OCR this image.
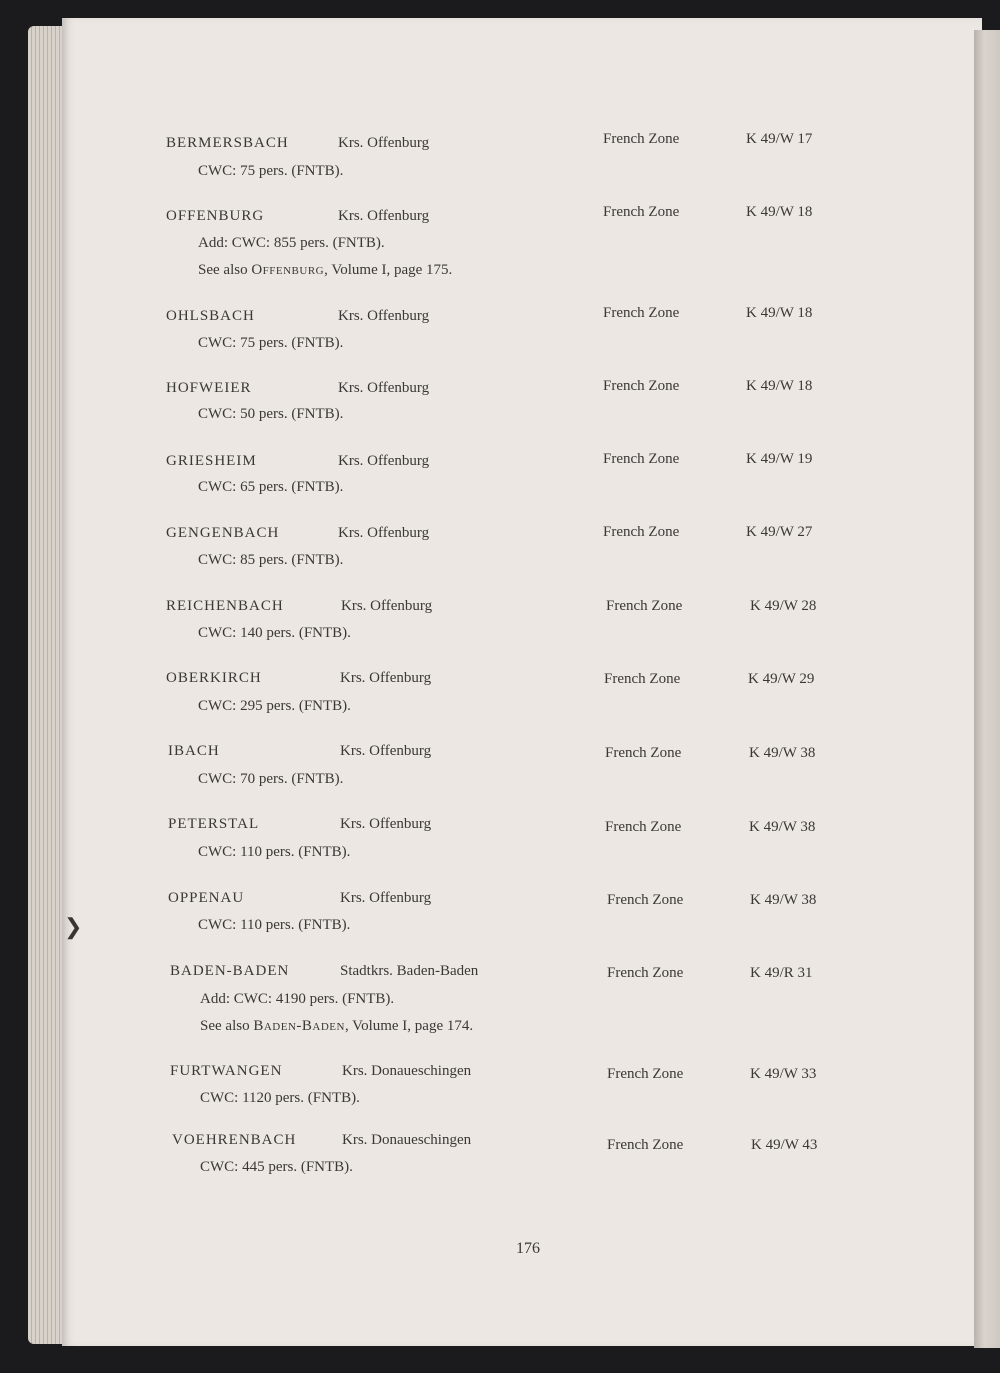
❯
BERMERSBACH	Krs. Offenburg	French Zone	K 49/W 17
CWC: 75 pers. (FNTB).
OFFENBURG	Krs. Offenburg	French Zone	K 49/W 18
Add: CWC: 855 pers. (FNTB).
See also Offenburg, Volume I, page 175.
OHLSBACH	Krs. Offenburg	French Zone	K 49/W 18
CWC: 75 pers. (FNTB).
HOFWEIER	Krs. Offenburg	French Zone	K 49/W 18
CWC: 50 pers. (FNTB).
GRIESHEIM	Krs. Offenburg	French Zone	K 49/W 19
CWC: 65 pers. (FNTB).
GENGENBACH	Krs. Offenburg	French Zone	K 49/W 27
CWC: 85 pers. (FNTB).
REICHENBACH	Krs. Offenburg	French Zone	K 49/W 28
CWC: 140 pers. (FNTB).
OBERKIRCH	Krs. Offenburg	French Zone	K 49/W 29
CWC: 295 pers. (FNTB).
IBACH	Krs. Offenburg	French Zone	K 49/W 38
CWC: 70 pers. (FNTB).
PETERSTAL	Krs. Offenburg	French Zone	K 49/W 38
CWC: 110 pers. (FNTB).
OPPENAU	Krs. Offenburg	French Zone	K 49/W 38
CWC: 110 pers. (FNTB).
BADEN-BADEN	Stadtkrs. Baden-Baden	French Zone	K 49/R 31
Add: CWC: 4190 pers. (FNTB).
See also Baden-Baden, Volume I, page 174.
FURTWANGEN	Krs. Donaueschingen	French Zone	K 49/W 33
CWC: 1120 pers. (FNTB).
VOEHRENBACH	Krs. Donaueschingen	French Zone	K 49/W 43
CWC: 445 pers. (FNTB).
176
